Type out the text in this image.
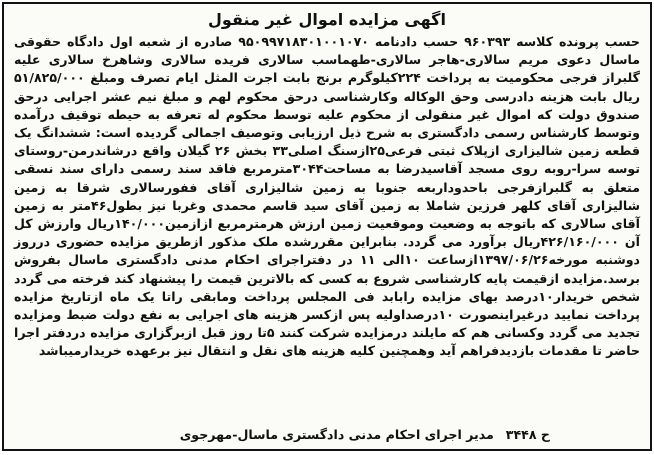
اگهی مزایده اموال غیر منقول

حسب پرونده کلاسه ۹۶۰۳۹۳ حسب دادنامه ۹۵۰۹۹۷۱۸۳۰۱۰۰۱۰۷۰ صادره از شعبه اول دادگاه حقوقی ماسال دعوی مریم سالاری-هاجر سالاری-طهماسب سالاری فریده سالاری وشاهرخ سالاری علیه گلبراز فرجی محکومیت به پرداخت ۲۲۴کیلوگرم برنج بابت اجرت المثل ایام تصرف ومبلغ ۵۱/۸۲۵/۰۰۰ ریال بابت هزینه دادرسی وحق الوکاله وکارشناسی درحق محکوم لهم و مبلغ نیم عشر اجرایی درحق صندوق دولت که اموال غیر منقولی از محکوم علیه توسط محکوم له تعرفه به حیطه توقیف درآمده وتوسط کارشناس رسمی دادگستری به شرح ذیل ارزیابی وتوصیف اجمالی گردیده است: ششدانگ یک قطعه زمین شالیزاری ازپلاک ثبتی فرعی۲۵ازسنگ اصلی۳۳ بخش ۲۶ گیلان واقع درشاندرمن-روستای توسه سرا-روبه روی مسجد آقاسیدرضا به مساحت۳۰۴۴مترمربع فاقد سند رسمی دارای سند نسقی متعلق به گلبرازفرجی باحدوداربعه جنوبا به زمین شالیزاری آقای ففورسالاری شرقا به زمین شالیزاری آقای کلهر فرزین شاملا به زمین آقای سید قاسم محمدی وغربا نیز بطول۴۶متر به زمین آقای سالاری که باتوجه به وضعیت وموقعیت زمین ارزش هرمترمربع ازازمین۱۴۰/۰۰۰ریال وارزش کل آن ۴۲۶/۱۶۰/۰۰۰ریال برآورد می گردد. بنابراین مقررشده ملک مذکور ازطریق مزایده حضوری درروز دوشنبه مورخه۱۳۹۷/۰۶/۲۶ازساعت ۱۰الی ۱۱ در دفتراجرای احکام مدنی دادگستری ماسال بفروش برسد.مزایده ازقیمت پایه کارشناسی شروع به کسی که بالاترین قیمت را پیشنهاد کند فرخته می گردد شخص خریدار۱۰درصد بهای مزایده رابابد فی المجلس پرداخت ومابقی راتا یک ماه ازتاریخ مزایده پرداخت نمایید درغیراینصورت ۱۰درصداولیه پس ازکسر هزینه های اجرایی به نفع دولت ضبط ومزایده تجدید می گردد وکسانی هم که مایلند درمزایده شرکت کنند ۵تا روز قبل ازبرگزاری مزایده دردفتر اجرا حاضر تا مقدمات بازدیدفراهم آید وهمچنین کلیه هزینه های نقل و انتقال نیز برعهده خریدارمیباشد

ح ۳۴۴۸
مدیر اجرای احکام مدنی دادگستری ماسال-مهرجوی
